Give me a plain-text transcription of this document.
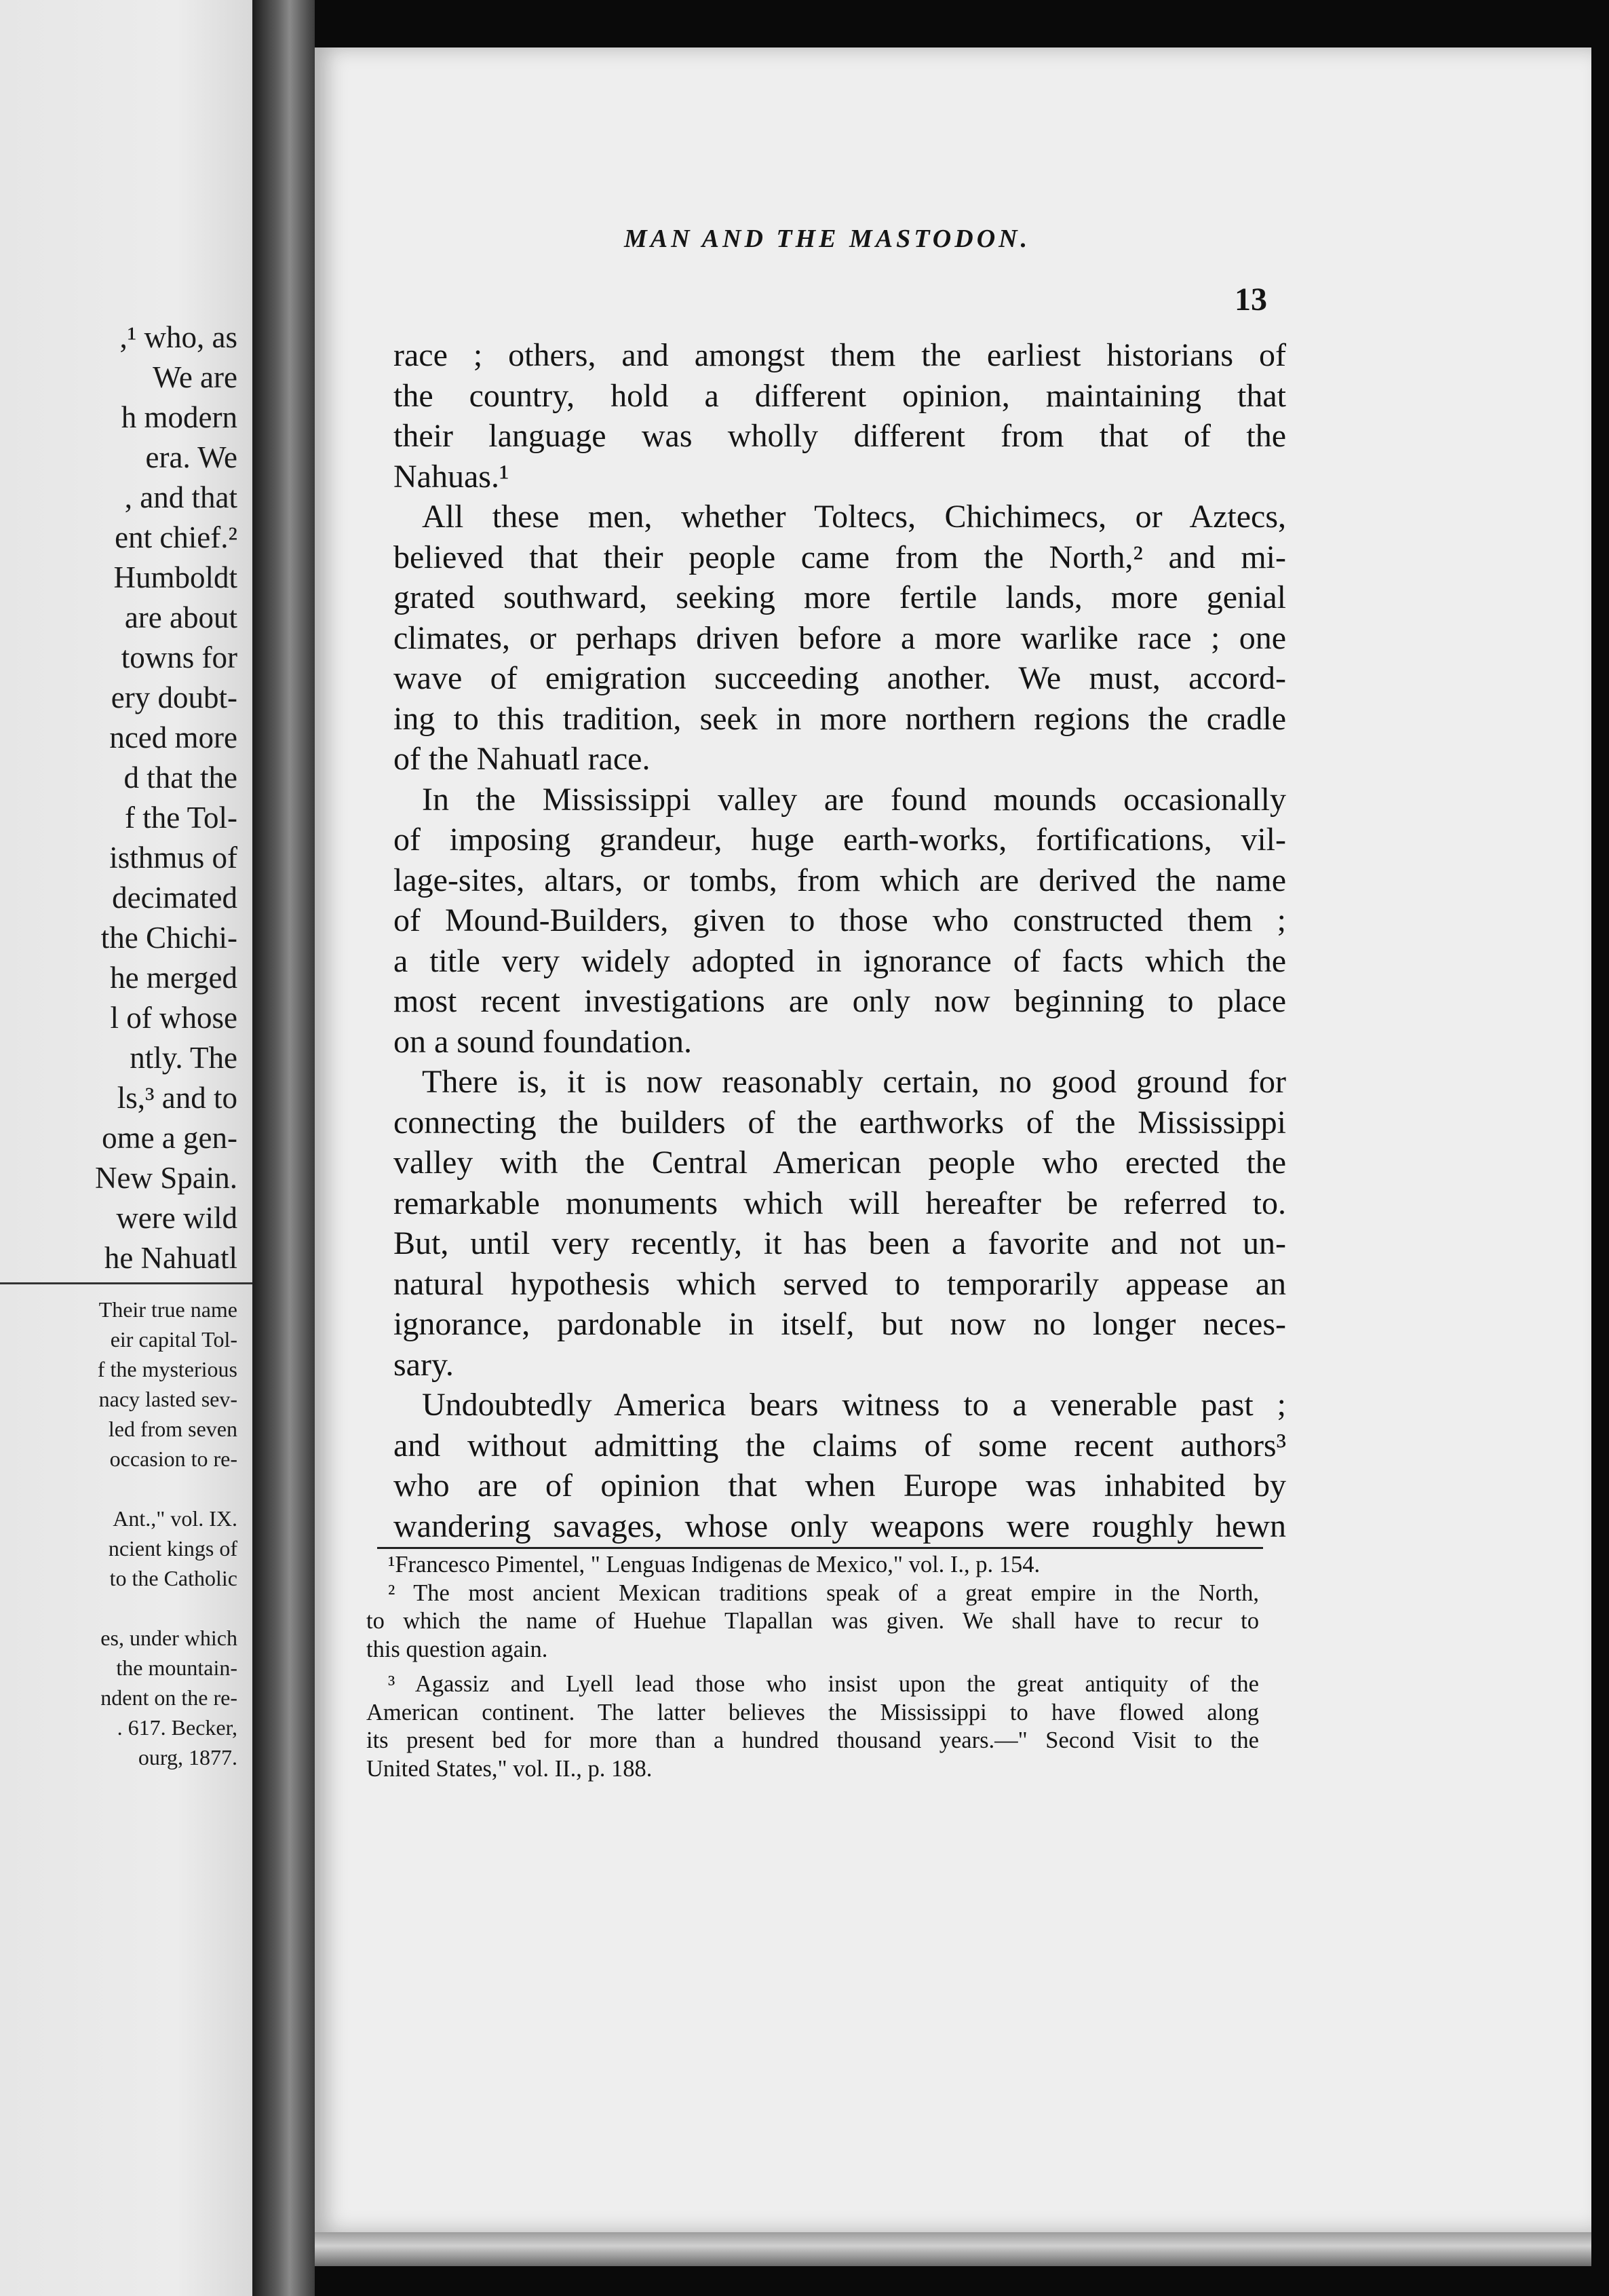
,¹ who, as
We are
h modern
era. We
, and that
ent chief.²
Humboldt
are about
towns for
ery doubt-
nced more
d that the
f the Tol-
isthmus of
decimated
the Chichi-
he merged
l of whose
ntly. The
ls,³ and to
ome a gen-
New Spain.
were wild
he Nahuatl
Their true name
eir capital Tol-
f the mysterious
nacy lasted sev-
led from seven
occasion to re-
Ant.," vol. IX.
ncient kings of
to the Catholic
es, under which
the mountain-
ndent on the re-
. 617. Becker,
ourg, 1877.
MAN AND THE MASTODON.
13
race ; others, and amongst them the earliest historians of
the country, hold a different opinion, maintaining that
their language was wholly different from that of the
Nahuas.¹
All these men, whether Toltecs, Chichimecs, or Aztecs,
believed that their people came from the North,² and mi-
grated southward, seeking more fertile lands, more genial
climates, or perhaps driven before a more warlike race ; one
wave of emigration succeeding another. We must, accord-
ing to this tradition, seek in more northern regions the cradle
of the Nahuatl race.
In the Mississippi valley are found mounds occasionally
of imposing grandeur, huge earth-works, fortifications, vil-
lage-sites, altars, or tombs, from which are derived the name
of Mound-Builders, given to those who constructed them ;
a title very widely adopted in ignorance of facts which the
most recent investigations are only now beginning to place
on a sound foundation.
There is, it is now reasonably certain, no good ground for
connecting the builders of the earthworks of the Mississippi
valley with the Central American people who erected the
remarkable monuments which will hereafter be referred to.
But, until very recently, it has been a favorite and not un-
natural hypothesis which served to temporarily appease an
ignorance, pardonable in itself, but now no longer neces-
sary.
Undoubtedly America bears witness to a venerable past ;
and without admitting the claims of some recent authors³
who are of opinion that when Europe was inhabited by
wandering savages, whose only weapons were roughly hewn
¹Francesco Pimentel, " Lenguas Indigenas de Mexico," vol. I., p. 154.
² The most ancient Mexican traditions speak of a great empire in the North,
to which the name of Huehue Tlapallan was given. We shall have to recur to
this question again.
³ Agassiz and Lyell lead those who insist upon the great antiquity of the
American continent. The latter believes the Mississippi to have flowed along
its present bed for more than a hundred thousand years.—" Second Visit to the
United States," vol. II., p. 188.
